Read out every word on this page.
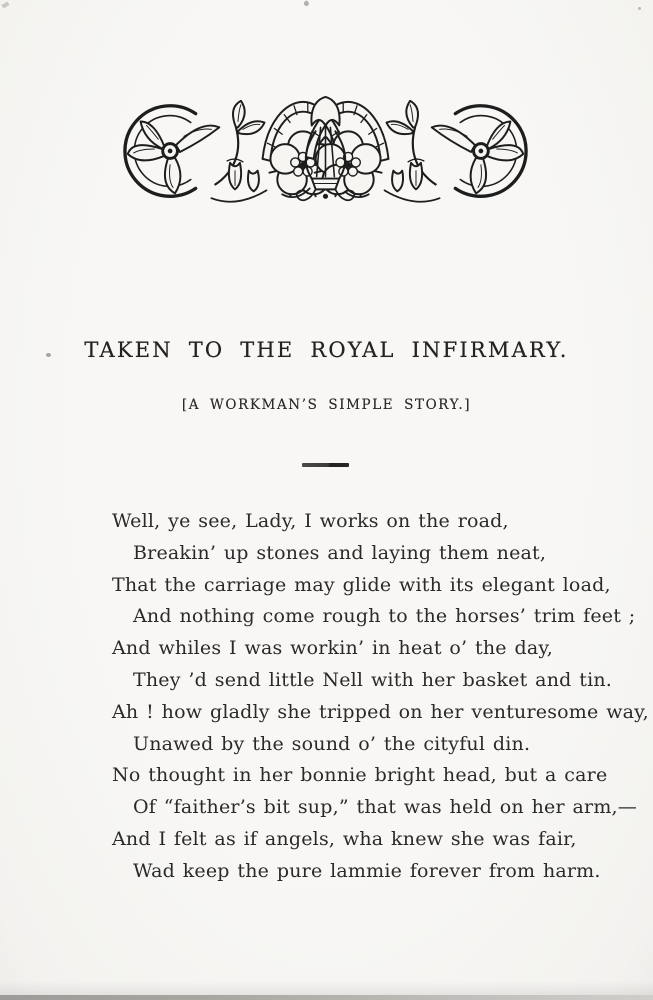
TAKEN TO THE ROYAL INFIRMARY.
[A WORKMAN’S SIMPLE STORY.]
Well, ye see, Lady, I works on the road,
Breakin’ up stones and laying them neat,
That the carriage may glide with its elegant load,
And nothing come rough to the horses’ trim feet ;
And whiles I was workin’ in heat o’ the day,
They ’d send little Nell with her basket and tin.
Ah ! how gladly she tripped on her venturesome way,
Unawed by the sound o’ the cityful din.
No thought in her bonnie bright head, but a care
Of “faither’s bit sup,” that was held on her arm,—
And I felt as if angels, wha knew she was fair,
Wad keep the pure lammie forever from harm.
